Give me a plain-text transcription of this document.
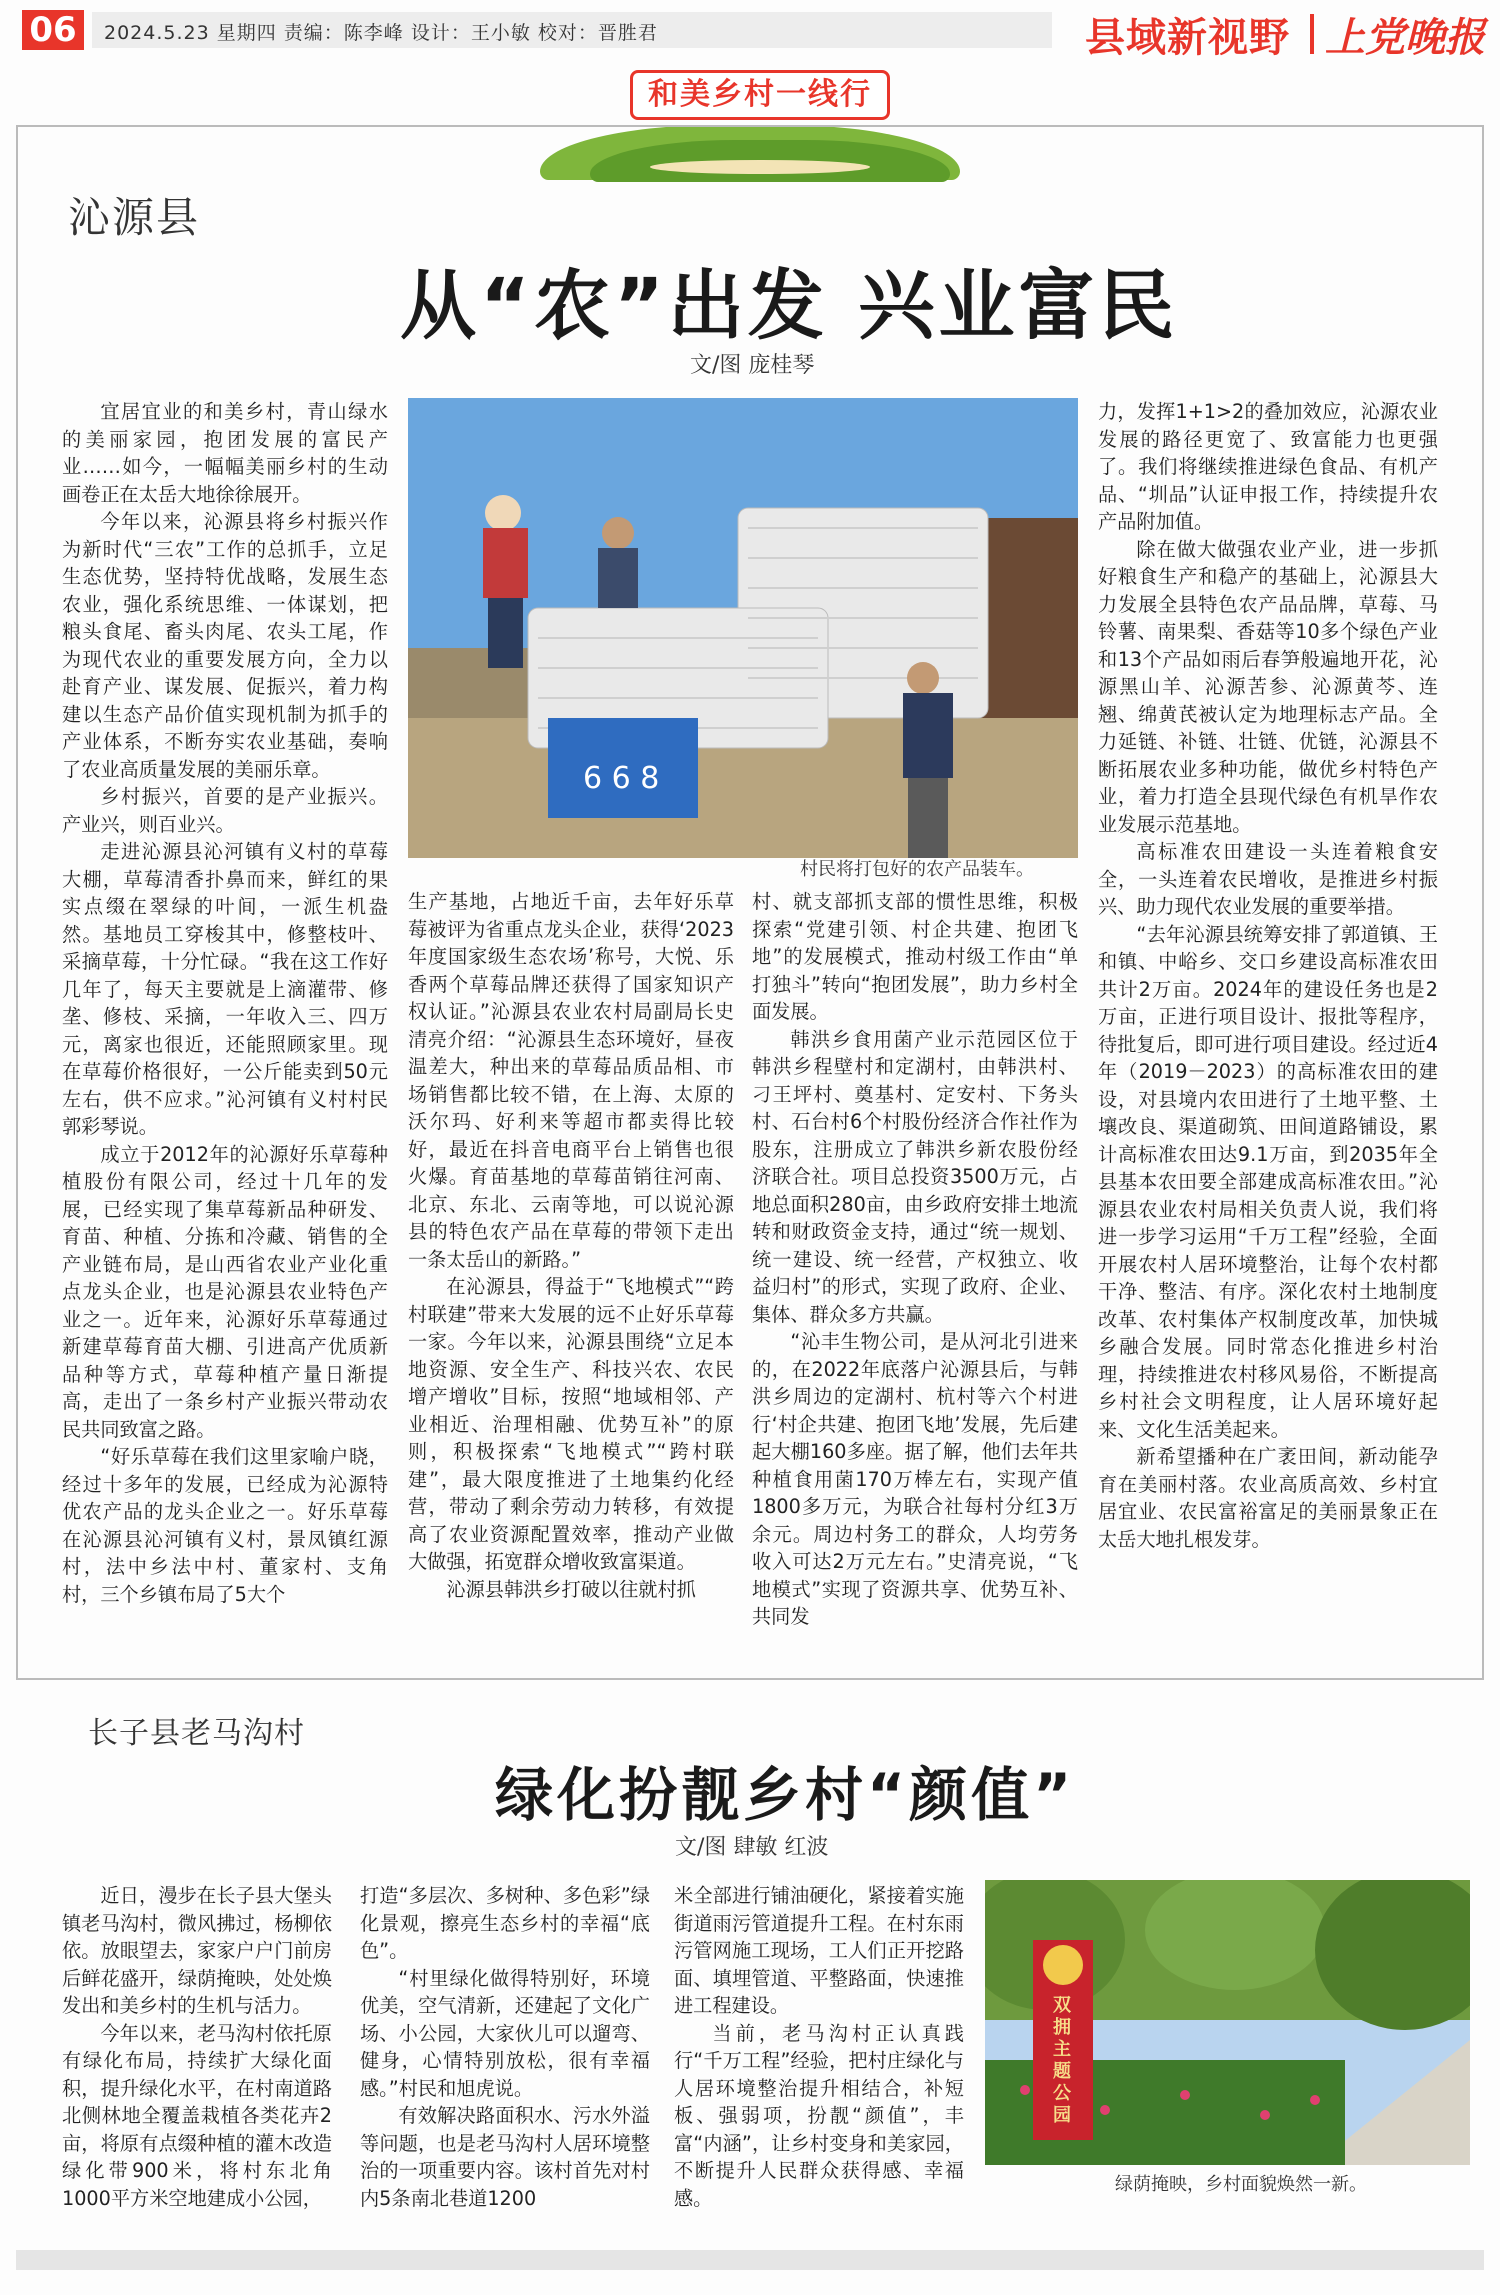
06	2024.5.23 星期四 责编：陈李峰 设计：王小敏 校对：晋胜君	县域新视野 上党晚报
和美乡村一线行
沁源县
从“农”出发 兴业富民
文/图 庞桂琴

宜居宜业的和美乡村，青山绿水的美丽家园，抱团发展的富民产业……如今，一幅幅美丽乡村的生动画卷正在太岳大地徐徐展开。

今年以来，沁源县将乡村振兴作为新时代“三农”工作的总抓手，立足生态优势，坚持特优战略，发展生态农业，强化系统思维、一体谋划，把粮头食尾、畜头肉尾、农头工尾，作为现代农业的重要发展方向，全力以赴育产业、谋发展、促振兴，着力构建以生态产品价值实现机制为抓手的产业体系，不断夯实农业基础，奏响了农业高质量发展的美丽乐章。

乡村振兴，首要的是产业振兴。产业兴，则百业兴。

走进沁源县沁河镇有义村的草莓大棚，草莓清香扑鼻而来，鲜红的果实点缀在翠绿的叶间，一派生机盎然。基地员工穿梭其中，修整枝叶、采摘草莓，十分忙碌。“我在这工作好几年了，每天主要就是上滴灌带、修垄、修枝、采摘，一年收入三、四万元，离家也很近，还能照顾家里。现在草莓价格很好，一公斤能卖到50元左右，供不应求。”沁河镇有义村村民郭彩琴说。

成立于2012年的沁源好乐草莓种植股份有限公司，经过十几年的发展，已经实现了集草莓新品种研发、育苗、种植、分拣和冷藏、销售的全产业链布局，是山西省农业产业化重点龙头企业，也是沁源县农业特色产业之一。近年来，沁源好乐草莓通过新建草莓育苗大棚、引进高产优质新品种等方式，草莓种植产量日渐提高，走出了一条乡村产业振兴带动农民共同致富之路。

“好乐草莓在我们这里家喻户晓，经过十多年的发展，已经成为沁源特优农产品的龙头企业之一。好乐草莓在沁源县沁河镇有义村，景凤镇红源村，法中乡法中村、董家村、支角村，三个乡镇布局了5大个

6 6 8
村民将打包好的农产品装车。

生产基地，占地近千亩，去年好乐草莓被评为省重点龙头企业，获得‘2023年度国家级生态农场’称号，大悦、乐香两个草莓品牌还获得了国家知识产权认证。”沁源县农业农村局副局长史清亮介绍：“沁源县生态环境好，昼夜温差大，种出来的草莓品质品相、市场销售都比较不错，在上海、太原的沃尔玛、好利来等超市都卖得比较好，最近在抖音电商平台上销售也很火爆。育苗基地的草莓苗销往河南、北京、东北、云南等地，可以说沁源县的特色农产品在草莓的带领下走出一条太岳山的新路。”

在沁源县，得益于“飞地模式”“跨村联建”带来大发展的远不止好乐草莓一家。今年以来，沁源县围绕“立足本地资源、安全生产、科技兴农、农民增产增收”目标，按照“地域相邻、产业相近、治理相融、优势互补”的原则，积极探索“飞地模式”“跨村联建”，最大限度推进了土地集约化经营，带动了剩余劳动力转移，有效提高了农业资源配置效率，推动产业做大做强，拓宽群众增收致富渠道。

沁源县韩洪乡打破以往就村抓

村、就支部抓支部的惯性思维，积极探索“党建引领、村企共建、抱团飞地”的发展模式，推动村级工作由“单打独斗”转向“抱团发展”，助力乡村全面发展。

韩洪乡食用菌产业示范园区位于韩洪乡程壁村和定湖村，由韩洪村、刁王坪村、奠基村、定安村、下务头村、石台村6个村股份经济合作社作为股东，注册成立了韩洪乡新农股份经济联合社。项目总投资3500万元，占地总面积280亩，由乡政府安排土地流转和财政资金支持，通过“统一规划、统一建设、统一经营，产权独立、收益归村”的形式，实现了政府、企业、集体、群众多方共赢。

“沁丰生物公司，是从河北引进来的，在2022年底落户沁源县后，与韩洪乡周边的定湖村、杭村等六个村进行‘村企共建、抱团飞地’发展，先后建起大棚160多座。据了解，他们去年共种植食用菌170万棒左右，实现产值1800多万元，为联合社每村分红3万余元。周边村务工的群众，人均劳务收入可达2万元左右。”史清亮说，“飞地模式”实现了资源共享、优势互补、共同发

力，发挥1+1>2的叠加效应，沁源农业发展的路径更宽了、致富能力也更强了。我们将继续推进绿色食品、有机产品、“圳品”认证申报工作，持续提升农产品附加值。

除在做大做强农业产业，进一步抓好粮食生产和稳产的基础上，沁源县大力发展全县特色农产品品牌，草莓、马铃薯、南果梨、香菇等10多个绿色产业和13个产品如雨后春笋般遍地开花，沁源黑山羊、沁源苦参、沁源黄芩、连翘、绵黄芪被认定为地理标志产品。全力延链、补链、壮链、优链，沁源县不断拓展农业多种功能，做优乡村特色产业，着力打造全县现代绿色有机旱作农业发展示范基地。

高标准农田建设一头连着粮食安全，一头连着农民增收，是推进乡村振兴、助力现代农业发展的重要举措。

“去年沁源县统筹安排了郭道镇、王和镇、中峪乡、交口乡建设高标准农田共计2万亩。2024年的建设任务也是2万亩，正进行项目设计、报批等程序，待批复后，即可进行项目建设。经过近4年（2019－2023）的高标准农田的建设，对县境内农田进行了土地平整、土壤改良、渠道砌筑、田间道路铺设，累计高标准农田达9.1万亩，到2035年全县基本农田要全部建成高标准农田。”沁源县农业农村局相关负责人说，我们将进一步学习运用“千万工程”经验，全面开展农村人居环境整治，让每个农村都干净、整洁、有序。深化农村土地制度改革、农村集体产权制度改革，加快城乡融合发展。同时常态化推进乡村治理，持续推进农村移风易俗，不断提高乡村社会文明程度，让人居环境好起来、文化生活美起来。

新希望播种在广袤田间，新动能孕育在美丽村落。农业高质高效、乡村宜居宜业、农民富裕富足的美丽景象正在太岳大地扎根发芽。

长子县老马沟村
绿化扮靓乡村“颜值”
文/图 肆敏 红波

近日，漫步在长子县大堡头镇老马沟村，微风拂过，杨柳依依。放眼望去，家家户户门前房后鲜花盛开，绿荫掩映，处处焕发出和美乡村的生机与活力。

今年以来，老马沟村依托原有绿化布局，持续扩大绿化面积，提升绿化水平，在村南道路北侧林地全覆盖栽植各类花卉2亩，将原有点缀种植的灌木改造绿化带900米，将村东北角1000平方米空地建成小公园，

打造“多层次、多树种、多色彩”绿化景观，擦亮生态乡村的幸福“底色”。

“村里绿化做得特别好，环境优美，空气清新，还建起了文化广场、小公园，大家伙儿可以遛弯、健身，心情特别放松，很有幸福感。”村民和旭虎说。

有效解决路面积水、污水外溢等问题，也是老马沟村人居环境整治的一项重要内容。该村首先对村内5条南北巷道1200

米全部进行铺油硬化，紧接着实施街道雨污管道提升工程。在村东雨污管网施工现场，工人们正开挖路面、填埋管道、平整路面，快速推进工程建设。

当前，老马沟村正认真践行“千万工程”经验，把村庄绿化与人居环境整治提升相结合，补短板、强弱项，扮靓“颜值”，丰富“内涵”，让乡村变身和美家园，不断提升人民群众获得感、幸福感。

双拥主题公园
绿荫掩映，乡村面貌焕然一新。
